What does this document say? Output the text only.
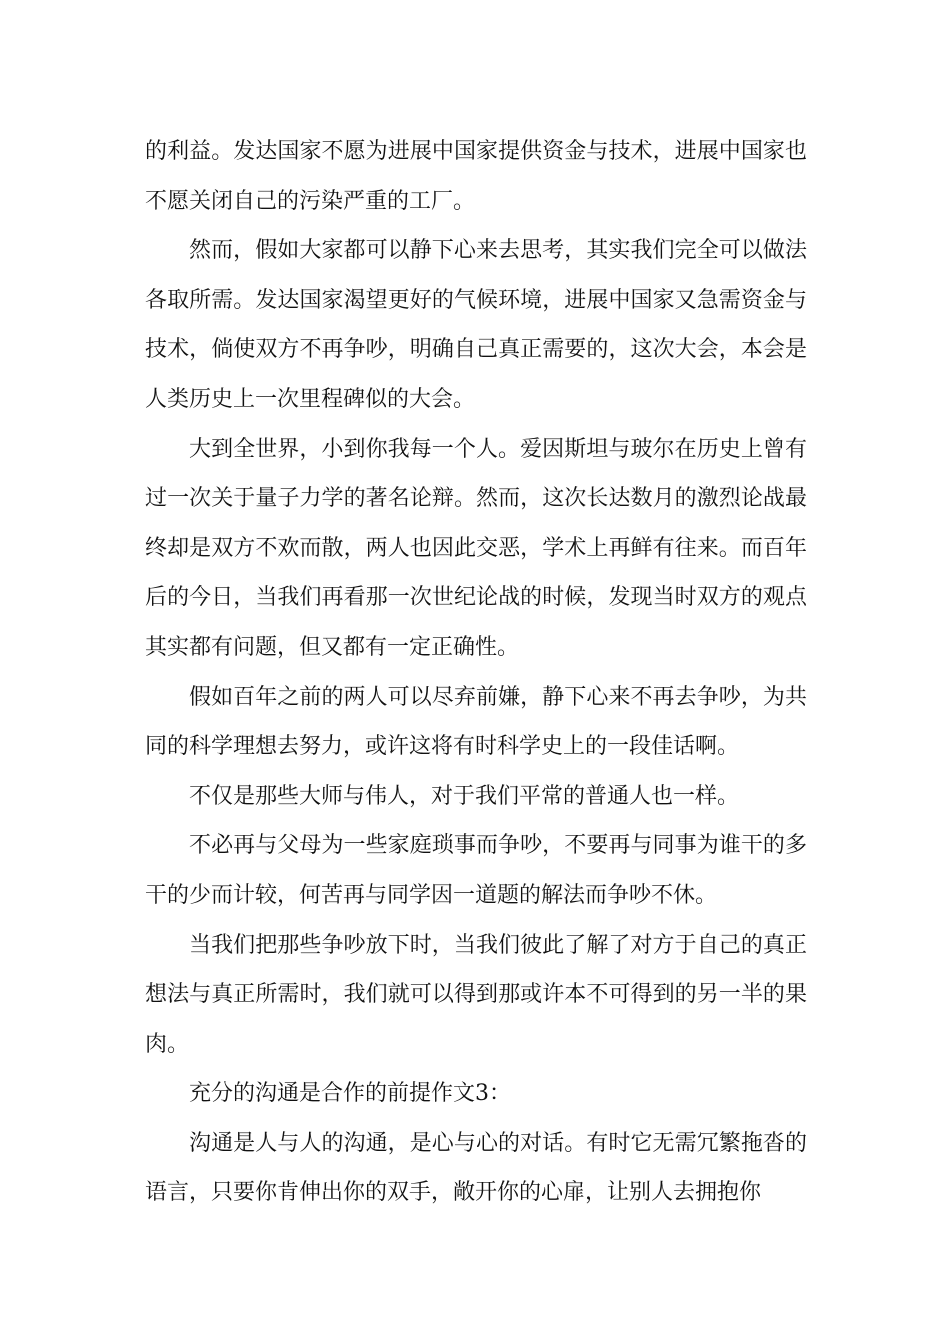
的利益。发达国家不愿为进展中国家提供资金与技术，进展中国家也不愿关闭自己的污染严重的工厂。

然而，假如大家都可以静下心来去思考，其实我们完全可以做法各取所需。发达国家渴望更好的气候环境，进展中国家又急需资金与技术，倘使双方不再争吵，明确自己真正需要的，这次大会，本会是人类历史上一次里程碑似的大会。

大到全世界，小到你我每一个人。爱因斯坦与玻尔在历史上曾有过一次关于量子力学的著名论辩。然而，这次长达数月的激烈论战最终却是双方不欢而散，两人也因此交恶，学术上再鲜有往来。而百年后的今日，当我们再看那一次世纪论战的时候，发现当时双方的观点其实都有问题，但又都有一定正确性。

假如百年之前的两人可以尽弃前嫌，静下心来不再去争吵，为共同的科学理想去努力，或许这将有时科学史上的一段佳话啊。

不仅是那些大师与伟人，对于我们平常的普通人也一样。

不必再与父母为一些家庭琐事而争吵，不要再与同事为谁干的多干的少而计较，何苦再与同学因一道题的解法而争吵不休。

当我们把那些争吵放下时，当我们彼此了解了对方于自己的真正想法与真正所需时，我们就可以得到那或许本不可得到的另一半的果肉。

充分的沟通是合作的前提作文3：

沟通是人与人的沟通，是心与心的对话。有时它无需冗繁拖沓的语言，只要你肯伸出你的双手，敞开你的心扉，让别人去拥抱你
